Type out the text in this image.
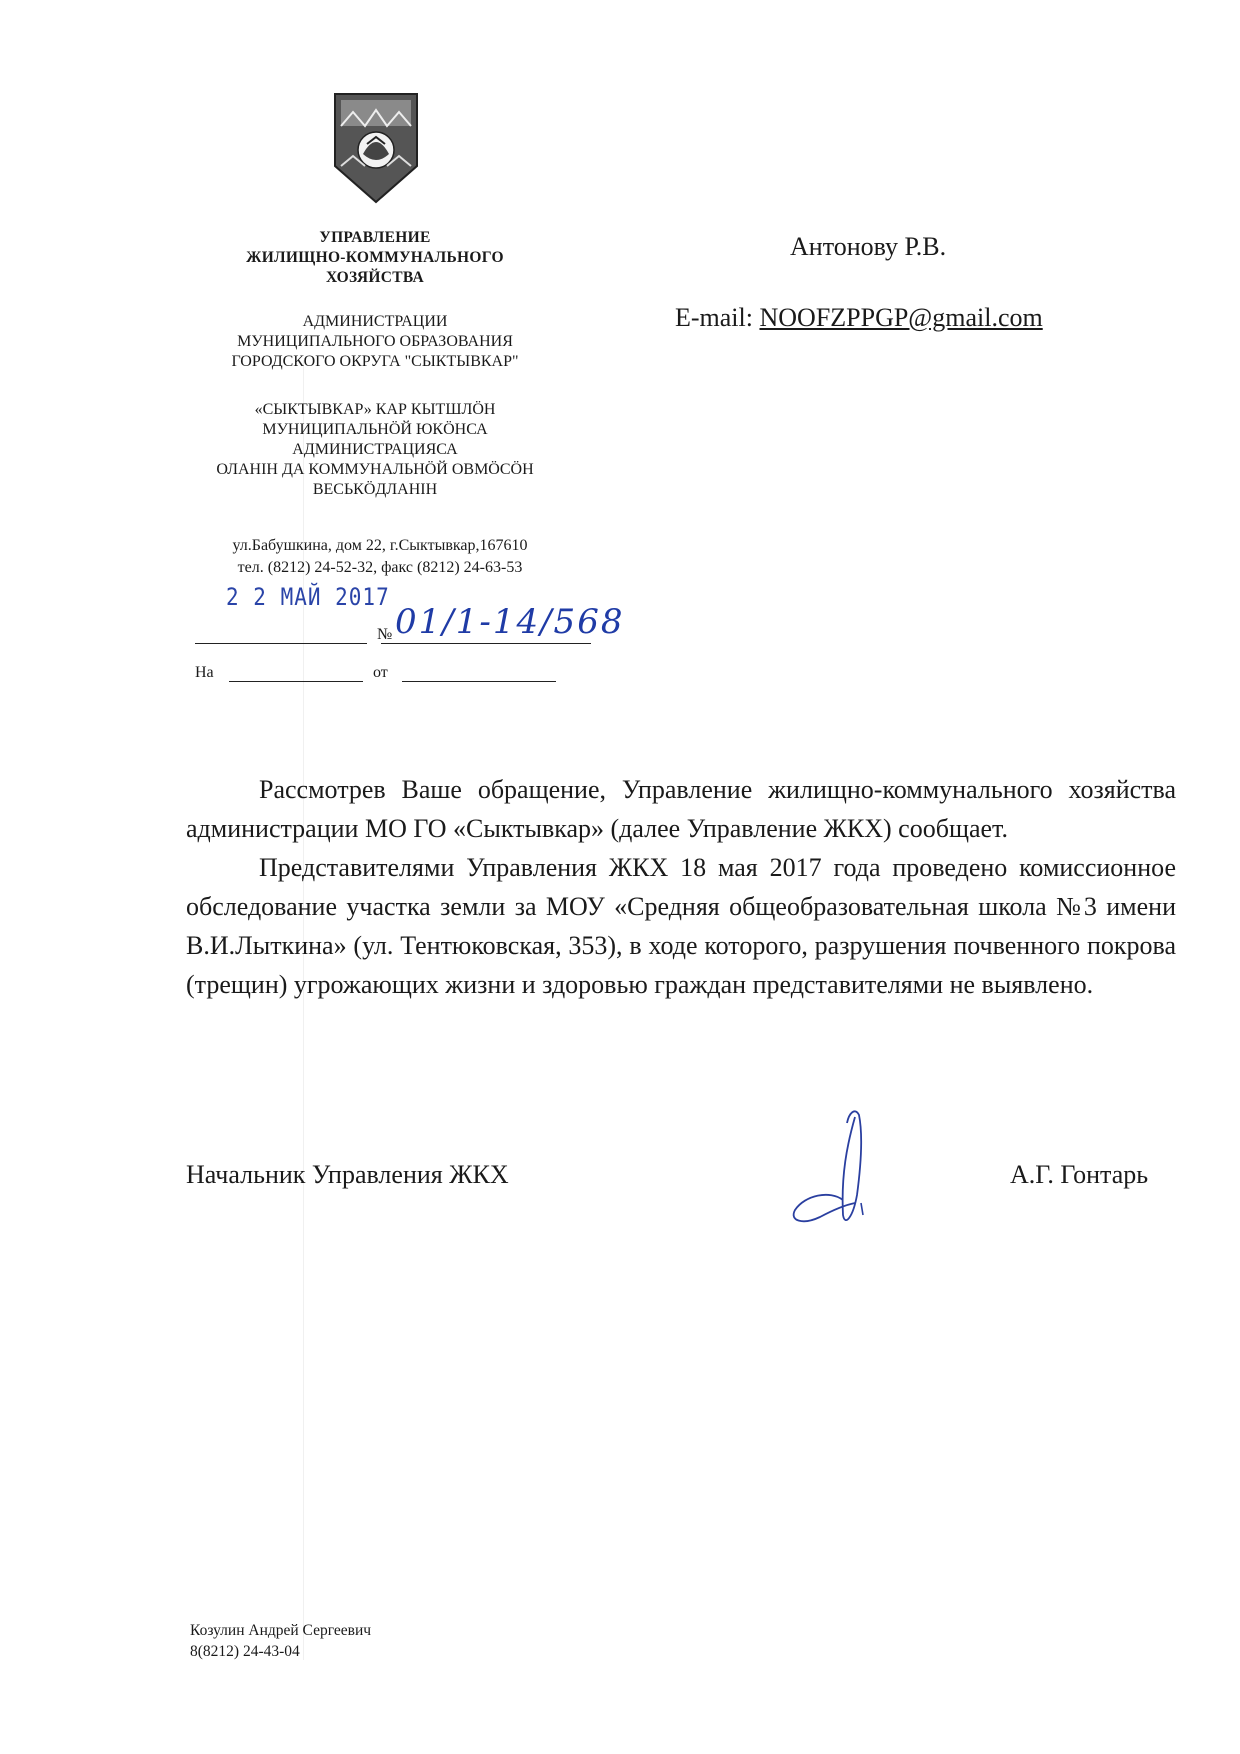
УПРАВЛЕНИЕ
ЖИЛИЩНО-КОММУНАЛЬНОГО
ХОЗЯЙСТВА
АДМИНИСТРАЦИИ
МУНИЦИПАЛЬНОГО ОБРАЗОВАНИЯ
ГОРОДСКОГО ОКРУГА "СЫКТЫВКАР"
«СЫКТЫВКАР» КАР КЫТШЛӦН
МУНИЦИПАЛЬНӦЙ ЮКӦНСА
АДМИНИСТРАЦИЯСА
ОЛАНІН ДА КОММУНАЛЬНӦЙ ОВМӦСӦН
ВЕСЬКӦДЛАНІН
ул.Бабушкина, дом 22, г.Сыктывкар,167610
тел. (8212) 24-52-32, факс (8212) 24-63-53
2 2 МАЙ 2017
№ 01/1-14/568
На	от
Антонову Р.В.
E-mail: NOOFZPPGP@gmail.com

Рассмотрев Ваше обращение, Управление жилищно-коммунального хозяйства администрации МО ГО «Сыктывкар» (далее Управление ЖКХ) сообщает.

Представителями Управления ЖКХ 18 мая 2017 года проведено комиссионное обследование участка земли за МОУ «Средняя общеобразовательная школа №3 имени В.И.Лыткина» (ул. Тентюковская, 353), в ходе которого, разрушения почвенного покрова (трещин) угрожающих жизни и здоровью граждан представителями не выявлено.

Начальник Управления ЖКХ	А.Г. Гонтарь
Козулин Андрей Сергеевич
8(8212) 24-43-04
